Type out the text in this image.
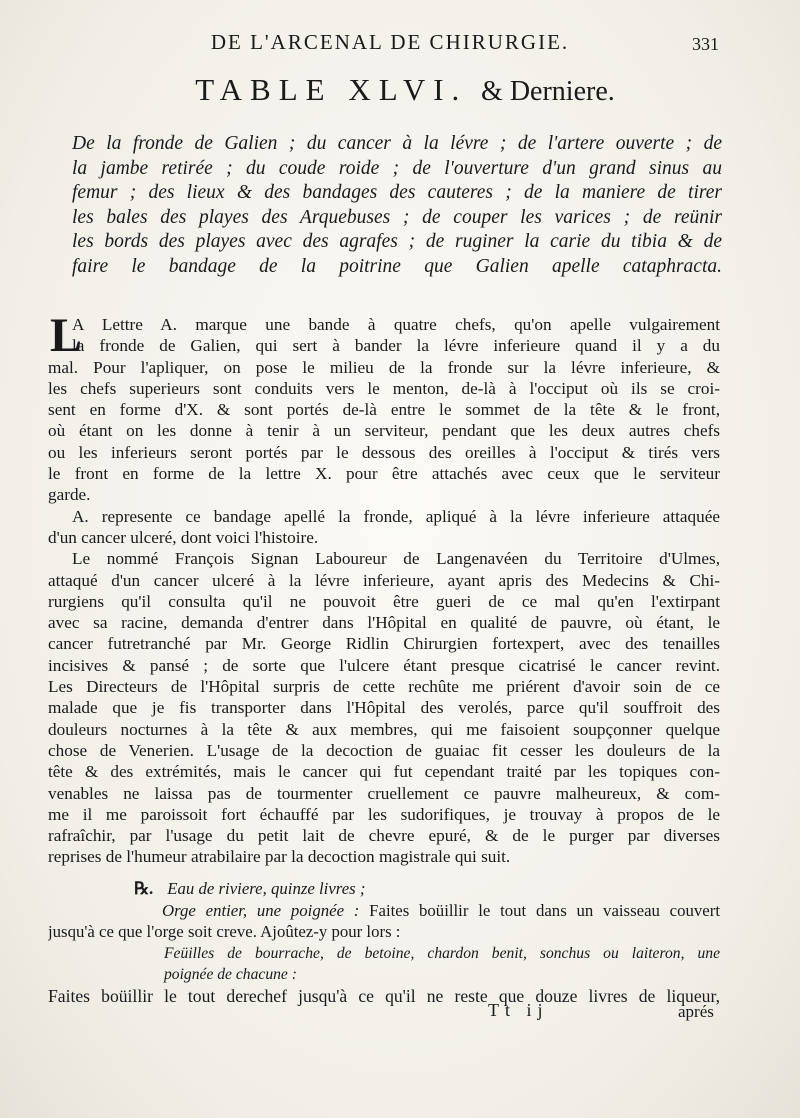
DE L'ARCENAL DE CHIRURGIE.	331
TABLE XLVI. & Derniere.
De la fronde de Galien ; du cancer à la lévre ; de l'artere ouverte ; de
la jambe retirée ; du coude roide ; de l'ouverture d'un grand sinus au
femur ; des lieux & des bandages des cauteres ; de la maniere de tirer
les bales des playes des Arquebuses ; de couper les varices ; de reünir
les bords des playes avec des agrafes ; de ruginer la carie du tibia & de
faire le bandage de la poitrine que Galien apelle cataphracta.
L
A Lettre A. marque une bande à quatre chefs, qu'on apelle vulgairement
la fronde de Galien, qui sert à bander la lévre inferieure quand il y a du
mal. Pour l'apliquer, on pose le milieu de la fronde sur la lévre inferieure, &
les chefs superieurs sont conduits vers le menton, de-là à l'occiput où ils se croi-
sent en forme d'X. & sont portés de-là entre le sommet de la tête & le front,
où étant on les donne à tenir à un serviteur, pendant que les deux autres chefs
ou les inferieurs seront portés par le dessous des oreilles à l'occiput & tirés vers
le front en forme de la lettre X. pour être attachés avec ceux que le serviteur
garde.
A. represente ce bandage apellé la fronde, apliqué à la lévre inferieure attaquée
d'un cancer ulceré, dont voici l'histoire.
Le nommé François Signan Laboureur de Langenavéen du Territoire d'Ulmes,
attaqué d'un cancer ulceré à la lévre inferieure, ayant apris des Medecins & Chi-
rurgiens qu'il consulta qu'il ne pouvoit être gueri de ce mal qu'en l'extirpant
avec sa racine, demanda d'entrer dans l'Hôpital en qualité de pauvre, où étant, le
cancer futretranché par Mr. George Ridlin Chirurgien fortexpert, avec des tenailles
incisives & pansé ; de sorte que l'ulcere étant presque cicatrisé le cancer revint.
Les Directeurs de l'Hôpital surpris de cette rechûte me priérent d'avoir soin de ce
malade que je fis transporter dans l'Hôpital des verolés, parce qu'il souffroit des
douleurs nocturnes à la tête & aux membres, qui me faisoient soupçonner quelque
chose de Venerien. L'usage de la decoction de guaiac fit cesser les douleurs de la
tête & des extrémités, mais le cancer qui fut cependant traité par les topiques con-
venables ne laissa pas de tourmenter cruellement ce pauvre malheureux, & com-
me il me paroissoit fort échauffé par les sudorifiques, je trouvay à propos de le
rafraîchir, par l'usage du petit lait de chevre epuré, & de le purger par diverses
reprises de l'humeur atrabilaire par la decoction magistrale qui suit.
℞. Eau de riviere, quinze livres ;
Orge entier, une poignée : Faites boüillir le tout dans un vaisseau couvert
jusqu'à ce que l'orge soit creve. Ajoûtez-y pour lors :
Feüilles de bourrache, de betoine, chardon benit, sonchus ou laiteron, une
poignée de chacune :
Faites boüillir le tout derechef jusqu'à ce qu'il ne reste que douze livres de liqueur,
Tt ij	aprés
